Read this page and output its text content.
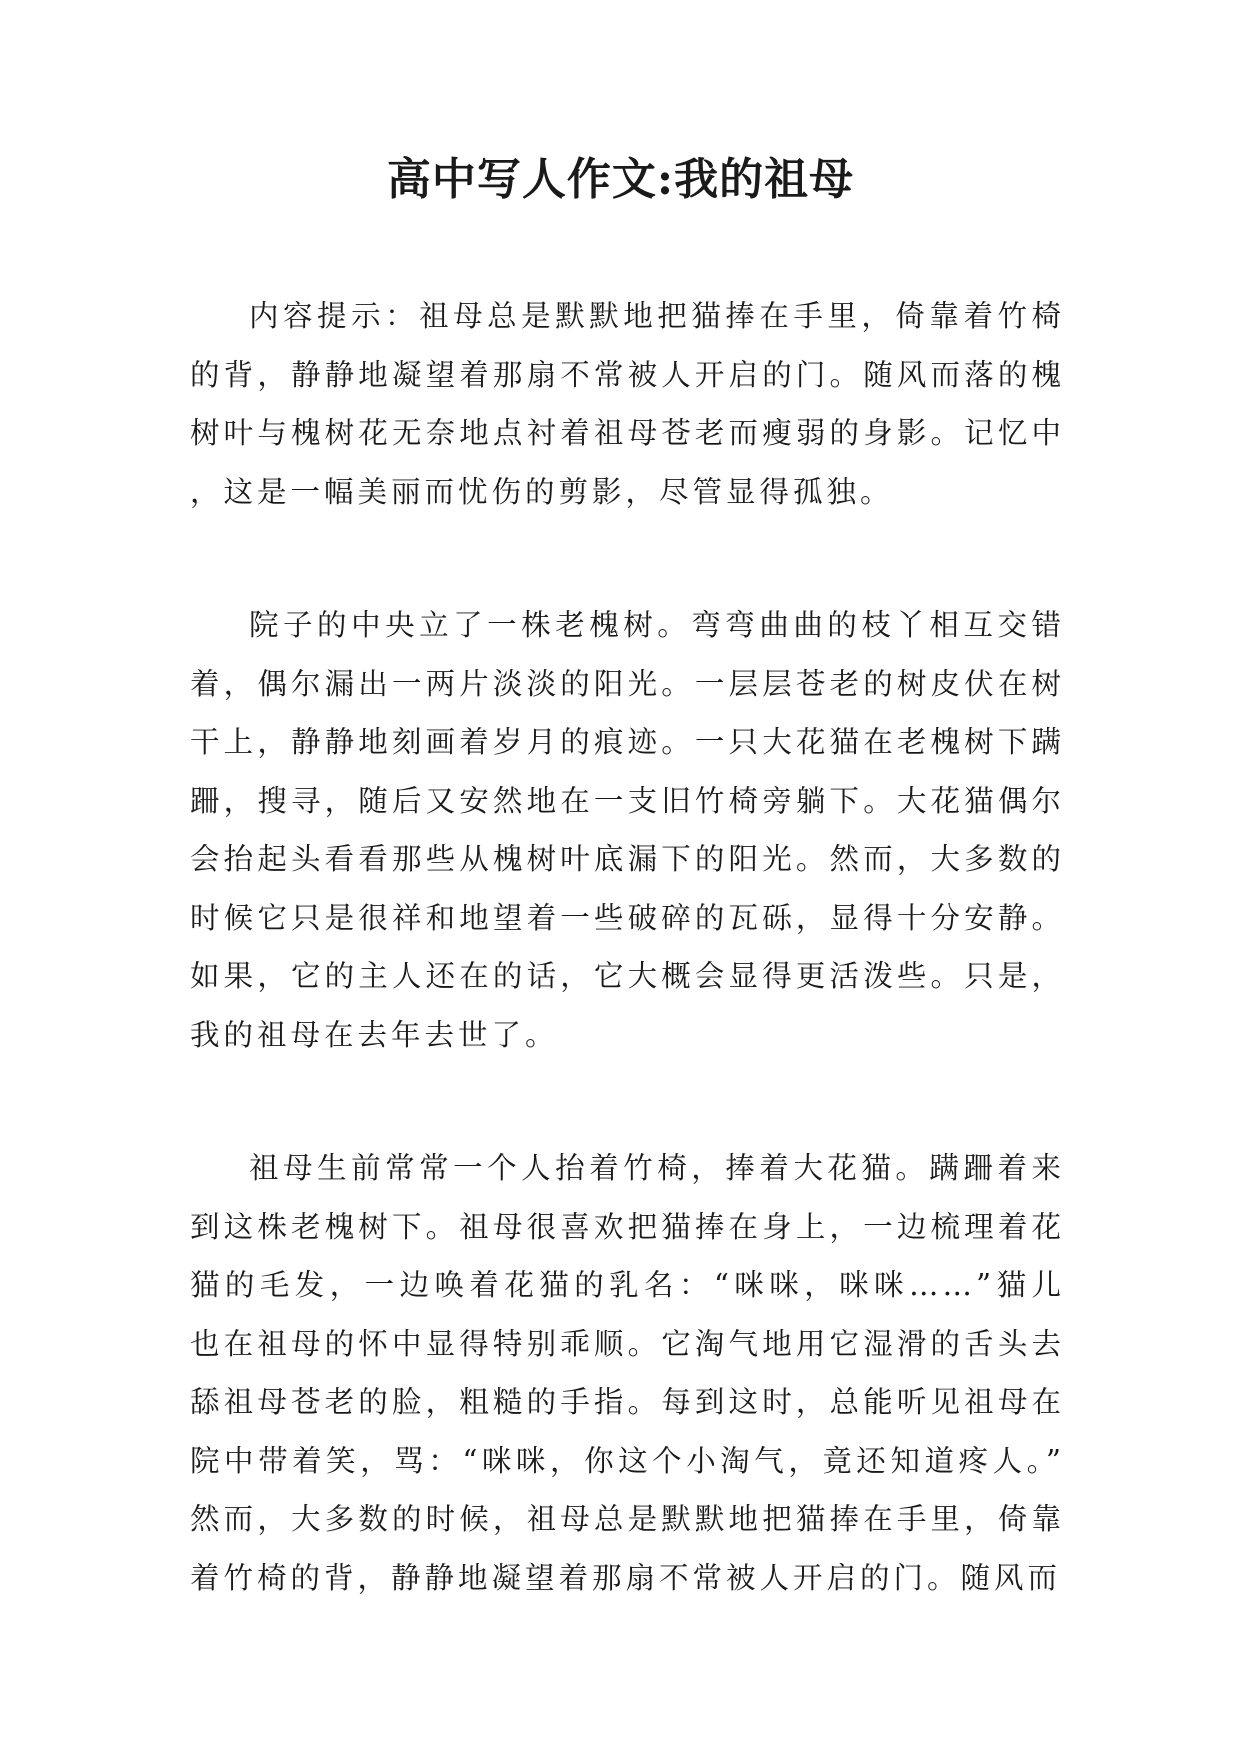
高中写人作文:我的祖母

内容提示：祖母总是默默地把猫捧在手里，倚靠着竹椅的背，静静地凝望着那扇不常被人开启的门。随风而落的槐树叶与槐树花无奈地点衬着祖母苍老而瘦弱的身影。记忆中，这是一幅美丽而忧伤的剪影，尽管显得孤独。

院子的中央立了一株老槐树。弯弯曲曲的枝丫相互交错着，偶尔漏出一两片淡淡的阳光。一层层苍老的树皮伏在树干上，静静地刻画着岁月的痕迹。一只大花猫在老槐树下蹒跚，搜寻，随后又安然地在一支旧竹椅旁躺下。大花猫偶尔会抬起头看看那些从槐树叶底漏下的阳光。然而，大多数的时候它只是很祥和地望着一些破碎的瓦砾，显得十分安静。如果，它的主人还在的话，它大概会显得更活泼些。只是，我的祖母在去年去世了。

祖母生前常常一个人抬着竹椅，捧着大花猫。蹒跚着来到这株老槐树下。祖母很喜欢把猫捧在身上，一边梳理着花猫的毛发，一边唤着花猫的乳名：“咪咪，咪咪……”猫儿也在祖母的怀中显得特别乖顺。它淘气地用它湿滑的舌头去舔祖母苍老的脸，粗糙的手指。每到这时，总能听见祖母在院中带着笑，骂：“咪咪，你这个小淘气，竟还知道疼人。”然而，大多数的时候，祖母总是默默地把猫捧在手里，倚靠着竹椅的背，静静地凝望着那扇不常被人开启的门。随风而
